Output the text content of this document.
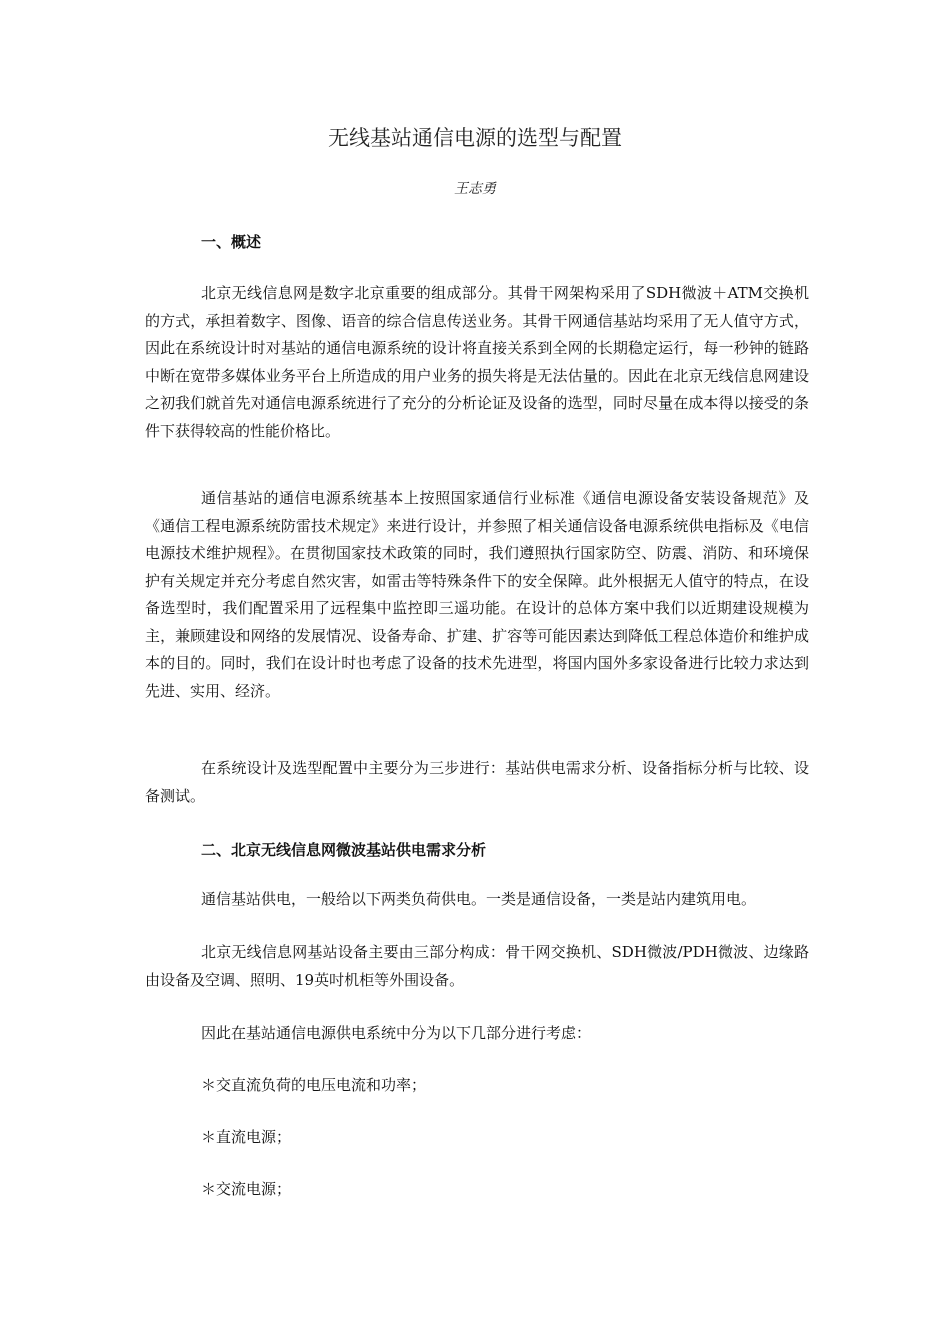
无线基站通信电源的选型与配置
王志勇
一、概述
北京无线信息网是数字北京重要的组成部分。其骨干网架构采用了SDH微波＋ATM交换机的方式，承担着数字、图像、语音的综合信息传送业务。其骨干网通信基站均采用了无人值守方式，因此在系统设计时对基站的通信电源系统的设计将直接关系到全网的长期稳定运行，每一秒钟的链路中断在宽带多媒体业务平台上所造成的用户业务的损失将是无法估量的。因此在北京无线信息网建设之初我们就首先对通信电源系统进行了充分的分析论证及设备的选型，同时尽量在成本得以接受的条件下获得较高的性能价格比。
通信基站的通信电源系统基本上按照国家通信行业标准《通信电源设备安装设备规范》及《通信工程电源系统防雷技术规定》来进行设计，并参照了相关通信设备电源系统供电指标及《电信电源技术维护规程》。在贯彻国家技术政策的同时，我们遵照执行国家防空、防震、消防、和环境保护有关规定并充分考虑自然灾害，如雷击等特殊条件下的安全保障。此外根据无人值守的特点，在设备选型时，我们配置采用了远程集中监控即三遥功能。在设计的总体方案中我们以近期建设规模为主，兼顾建设和网络的发展情况、设备寿命、扩建、扩容等可能因素达到降低工程总体造价和维护成本的目的。同时，我们在设计时也考虑了设备的技术先进型，将国内国外多家设备进行比较力求达到先进、实用、经济。
在系统设计及选型配置中主要分为三步进行：基站供电需求分析、设备指标分析与比较、设备测试。
二、北京无线信息网微波基站供电需求分析
通信基站供电，一般给以下两类负荷供电。一类是通信设备，一类是站内建筑用电。
北京无线信息网基站设备主要由三部分构成：骨干网交换机、SDH微波/PDH微波、边缘路由设备及空调、照明、19英吋机柜等外围设备。
因此在基站通信电源供电系统中分为以下几部分进行考虑：
＊交直流负荷的电压电流和功率；
＊直流电源；
＊交流电源；
